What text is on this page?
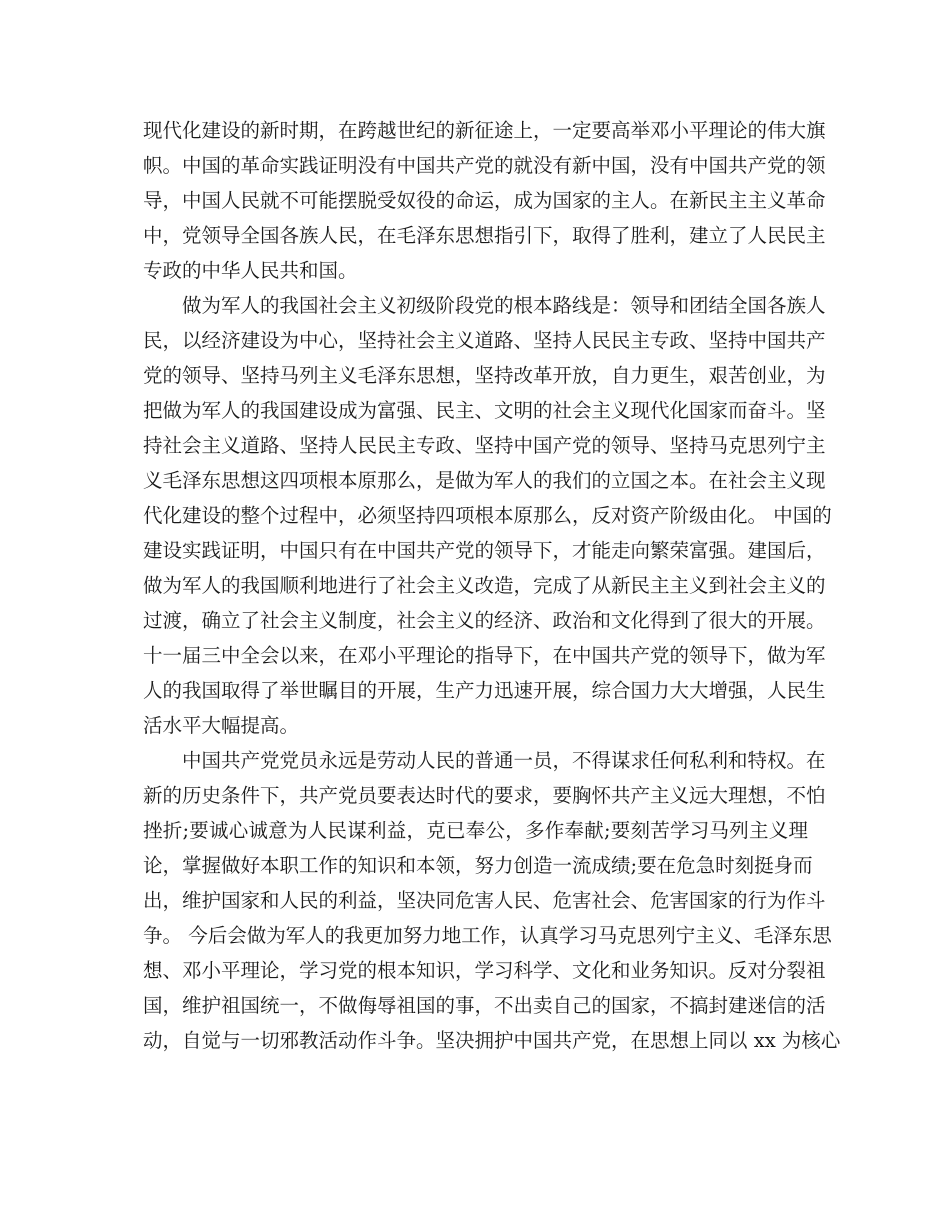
现代化建设的新时期，在跨越世纪的新征途上，一定要高举邓小平理论的伟大旗
帜。中国的革命实践证明没有中国共产党的就没有新中国，没有中国共产党的领
导，中国人民就不可能摆脱受奴役的命运，成为国家的主人。在新民主主义革命
中，党领导全国各族人民，在毛泽东思想指引下，取得了胜利，建立了人民民主
专政的中华人民共和国。
做为军人的我国社会主义初级阶段党的根本路线是：领导和团结全国各族人
民，以经济建设为中心，坚持社会主义道路、坚持人民民主专政、坚持中国共产
党的领导、坚持马列主义毛泽东思想，坚持改革开放，自力更生，艰苦创业，为
把做为军人的我国建设成为富强、民主、文明的社会主义现代化国家而奋斗。坚
持社会主义道路、坚持人民民主专政、坚持中国产党的领导、坚持马克思列宁主
义毛泽东思想这四项根本原那么，是做为军人的我们的立国之本。在社会主义现
代化建设的整个过程中，必须坚持四项根本原那么，反对资产阶级由化。 中国的
建设实践证明，中国只有在中国共产党的领导下，才能走向繁荣富强。建国后，
做为军人的我国顺利地进行了社会主义改造，完成了从新民主主义到社会主义的
过渡，确立了社会主义制度，社会主义的经济、政治和文化得到了很大的开展。
十一届三中全会以来，在邓小平理论的指导下，在中国共产党的领导下，做为军
人的我国取得了举世瞩目的开展，生产力迅速开展，综合国力大大增强，人民生
活水平大幅提高。
中国共产党党员永远是劳动人民的普通一员，不得谋求任何私利和特权。在
新的历史条件下，共产党员要表达时代的要求，要胸怀共产主义远大理想，不怕
挫折;要诚心诚意为人民谋利益，克已奉公，多作奉献;要刻苦学习马列主义理
论，掌握做好本职工作的知识和本领，努力创造一流成绩;要在危急时刻挺身而
出，维护国家和人民的利益，坚决同危害人民、危害社会、危害国家的行为作斗
争。 今后会做为军人的我更加努力地工作，认真学习马克思列宁主义、毛泽东思
想、邓小平理论，学习党的根本知识，学习科学、文化和业务知识。反对分裂祖
国，维护祖国统一，不做侮辱祖国的事，不出卖自己的国家，不搞封建迷信的活
动，自觉与一切邪教活动作斗争。坚决拥护中国共产党，在思想上同以 xx 为核心
